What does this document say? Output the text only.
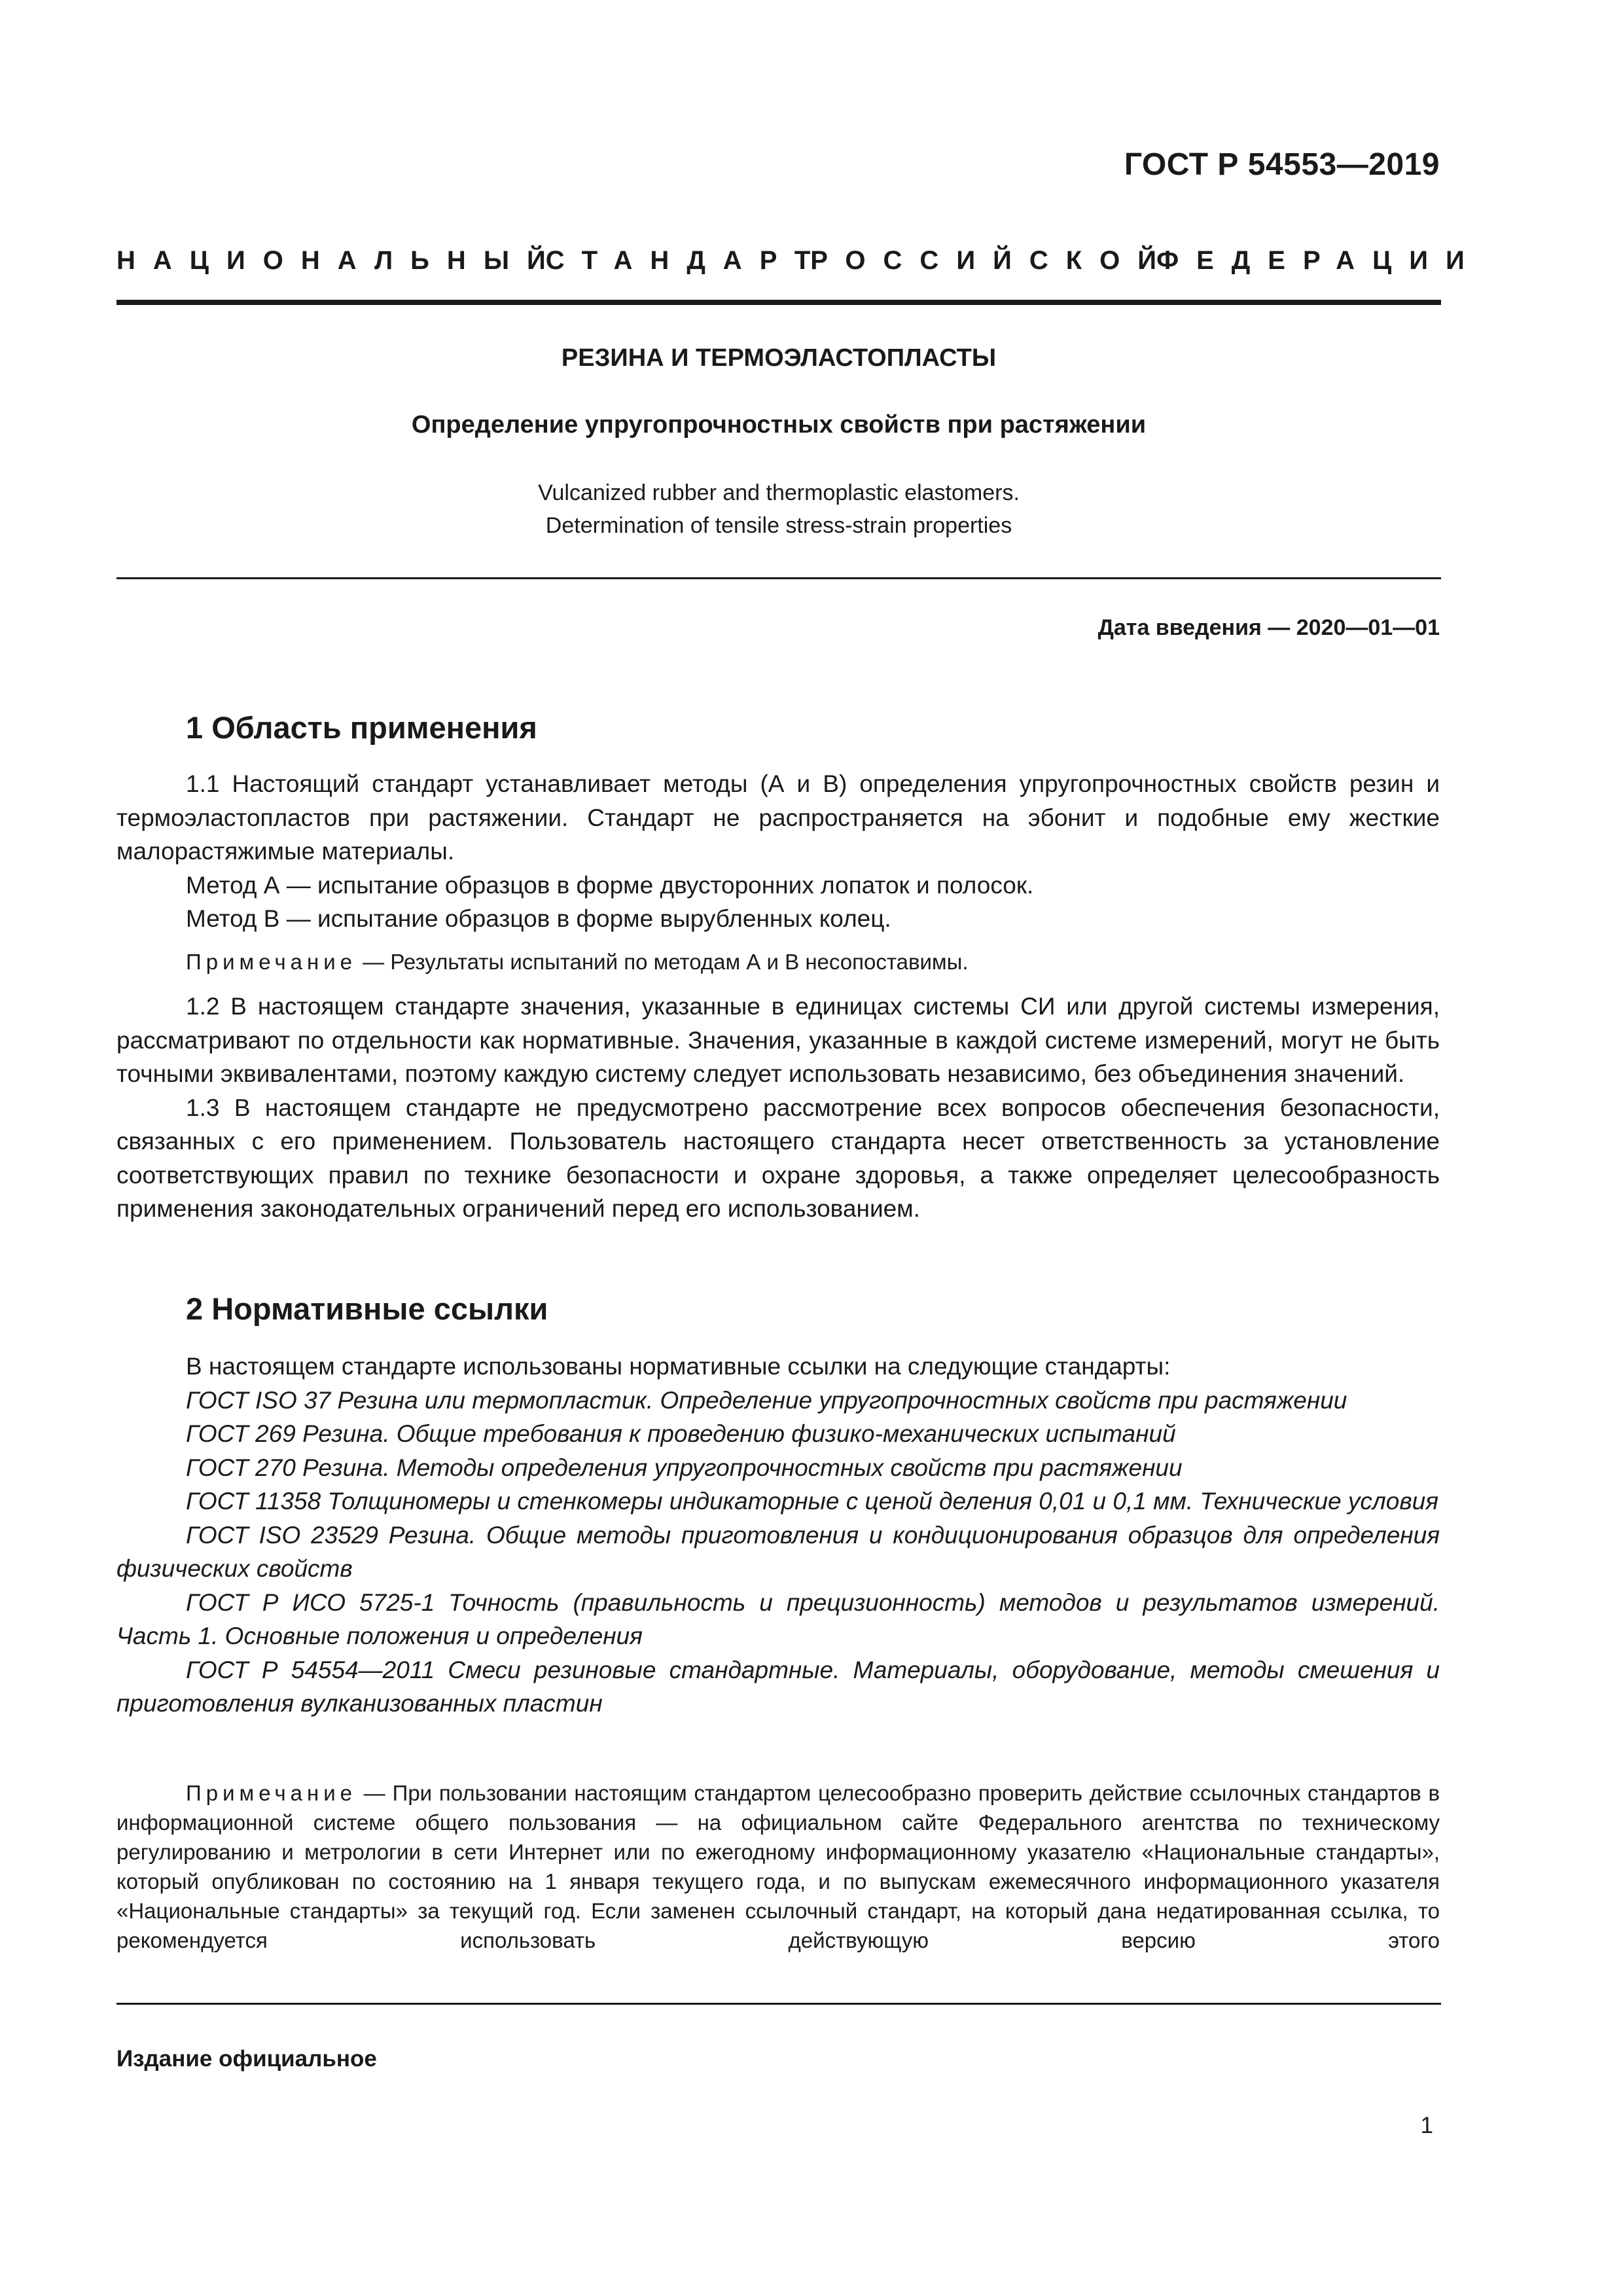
ГОСТ Р 54553—2019
НАЦИОНАЛЬНЫЙ
СТАНДАРТ
РОССИЙСКОЙ
ФЕДЕРАЦИИ
РЕЗИНА И ТЕРМОЭЛАСТОПЛАСТЫ
Определение упругопрочностных свойств при растяжении
Vulcanized rubber and thermoplastic elastomers.
Determination of tensile stress-strain properties
Дата введения — 2020—01—01
1 Область применения

1.1 Настоящий стандарт устанавливает методы (А и В) определения упругопрочностных свойств резин и термоэластопластов при растяжении. Стандарт не распространяется на эбонит и подобные ему жесткие малорастяжимые материалы.

Метод А — испытание образцов в форме двусторонних лопаток и полосок.

Метод В — испытание образцов в форме вырубленных колец.

Примечание — Результаты испытаний по методам А и В несопоставимы.

1.2 В настоящем стандарте значения, указанные в единицах системы СИ или другой системы измерения, рассматривают по отдельности как нормативные. Значения, указанные в каждой системе измерений, могут не быть точными эквивалентами, поэтому каждую систему следует использовать независимо, без объединения значений.

1.3 В настоящем стандарте не предусмотрено рассмотрение всех вопросов обеспечения безопасности, связанных с его применением. Пользователь настоящего стандарта несет ответственность за установление соответствующих правил по технике безопасности и охране здоровья, а также определяет целесообразность применения законодательных ограничений перед его использованием.

2 Нормативные ссылки

В настоящем стандарте использованы нормативные ссылки на следующие стандарты:

ГОСТ ISO 37 Резина или термопластик. Определение упругопрочностных свойств при растяжении

ГОСТ 269 Резина. Общие требования к проведению физико-механических испытаний

ГОСТ 270 Резина. Методы определения упругопрочностных свойств при растяжении

ГОСТ 11358 Толщиномеры и стенкомеры индикаторные с ценой деления 0,01 и 0,1 мм. Технические условия

ГОСТ ISO 23529 Резина. Общие методы приготовления и кондиционирования образцов для определения физических свойств

ГОСТ Р ИСО 5725-1 Точность (правильность и прецизионность) методов и результатов измерений. Часть 1. Основные положения и определения

ГОСТ Р 54554—2011 Смеси резиновые стандартные. Материалы, оборудование, методы смешения и приготовления вулканизованных пластин

Примечание — При пользовании настоящим стандартом целесообразно проверить действие ссылочных стандартов в информационной системе общего пользования — на официальном сайте Федерального агентства по техническому регулированию и метрологии в сети Интернет или по ежегодному информационному указателю «Национальные стандарты», который опубликован по состоянию на 1 января текущего года, и по выпускам ежемесячного информационного указателя «Национальные стандарты» за текущий год. Если заменен ссылочный стандарт, на который дана недатированная ссылка, то рекомендуется использовать действующую версию этого

Издание официальное
1
